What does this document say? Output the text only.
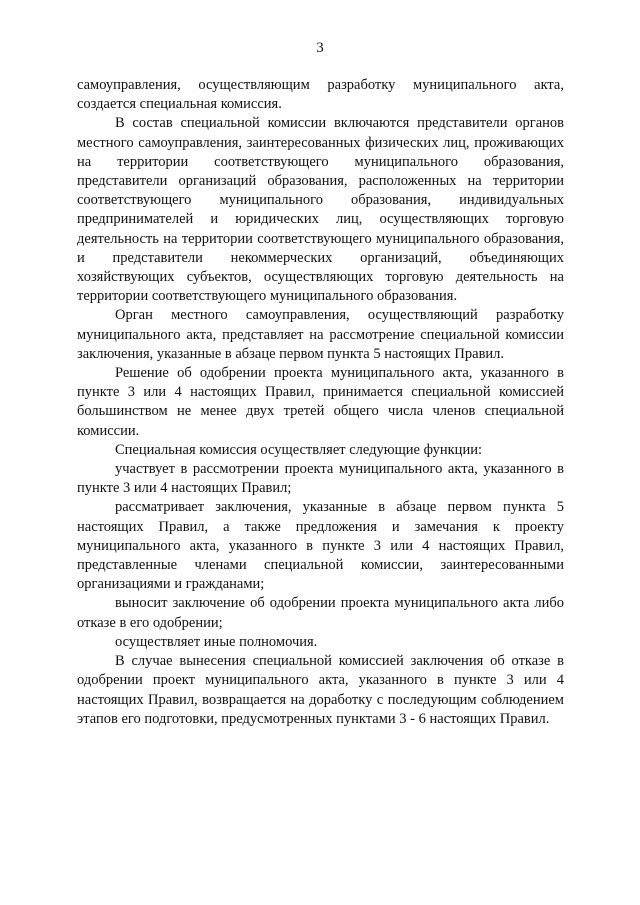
3

самоуправления, осуществляющим разработку муниципального акта, создается специальная комиссия.

В состав специальной комиссии включаются представители органов местного самоуправления, заинтересованных физических лиц, проживающих на территории соответствующего муниципального образования, представители организаций образования, расположенных на территории соответствующего муниципального образования, индивидуальных предпринимателей и юридических лиц, осуществляющих торговую деятельность на территории соответствующего муниципального образования, и представители некоммерческих организаций, объединяющих хозяйствующих субъектов, осуществляющих торговую деятельность на территории соответствующего муниципального образования.

Орган местного самоуправления, осуществляющий разработку муниципального акта, представляет на рассмотрение специальной комиссии заключения, указанные в абзаце первом пункта 5 настоящих Правил.

Решение об одобрении проекта муниципального акта, указанного в пункте 3 или 4 настоящих Правил, принимается специальной комиссией большинством не менее двух третей общего числа членов специальной комиссии.

Специальная комиссия осуществляет следующие функции:

участвует в рассмотрении проекта муниципального акта, указанного в пункте 3 или 4 настоящих Правил;

рассматривает заключения, указанные в абзаце первом пункта 5 настоящих Правил, а также предложения и замечания к проекту муниципального акта, указанного в пункте 3 или 4 настоящих Правил, представленные членами специальной комиссии, заинтересованными организациями и гражданами;

выносит заключение об одобрении проекта муниципального акта либо отказе в его одобрении;

осуществляет иные полномочия.

В случае вынесения специальной комиссией заключения об отказе в одобрении проект муниципального акта, указанного в пункте 3 или 4 настоящих Правил, возвращается на доработку с последующим соблюдением этапов его подготовки, предусмотренных пунктами 3 - 6 настоящих Правил.
